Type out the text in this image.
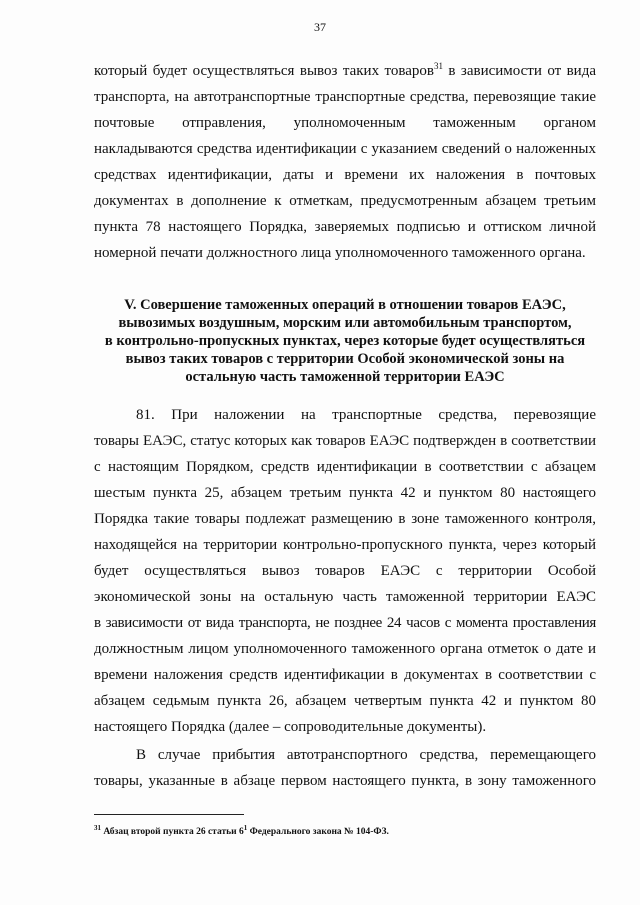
37
который будет осуществляться вывоз таких товаров$^{31}$ в зависимости от вида
транспорта, на автотранспортные транспортные средства, перевозящие такие
почтовые отправления, уполномоченным таможенным органом
накладываются средства идентификации с указанием сведений о наложенных
средствах идентификации, даты и времени их наложения в почтовых
документах в дополнение к отметкам, предусмотренным абзацем третьим
пункта 78 настоящего Порядка, заверяемых подписью и оттиском личной
номерной печати должностного лица уполномоченного таможенного органа.
V. Совершение таможенных операций в отношении товаров ЕАЭС,
вывозимых воздушным, морским или автомобильным транспортом,
в контрольно-пропускных пунктах, через которые будет осуществляться
вывоз таких товаров с территории Особой экономической зоны на
остальную часть таможенной территории ЕАЭС
81. При наложении на транспортные средства, перевозящие
товары ЕАЭС, статус которых как товаров ЕАЭС подтвержден в соответствии
с настоящим Порядком, средств идентификации в соответствии с абзацем
шестым пункта 25, абзацем третьим пункта 42 и пунктом 80 настоящего
Порядка такие товары подлежат размещению в зоне таможенного контроля,
находящейся на территории контрольно-пропускного пункта, через который
будет осуществляться вывоз товаров ЕАЭС с территории Особой
экономической зоны на остальную часть таможенной территории ЕАЭС
в зависимости от вида транспорта, не позднее 24 часов с момента проставления
должностным лицом уполномоченного таможенного органа отметок о дате и
времени наложения средств идентификации в документах в соответствии с
абзацем седьмым пункта 26, абзацем четвертым пункта 42 и пунктом 80
настоящего Порядка (далее – сопроводительные документы).
В случае прибытия автотранспортного средства, перемещающего
товары, указанные в абзаце первом настоящего пункта, в зону таможенного
$^{31}$ Абзац второй пункта 26 статьи $6^1$ Федерального закона № 104-ФЗ.
